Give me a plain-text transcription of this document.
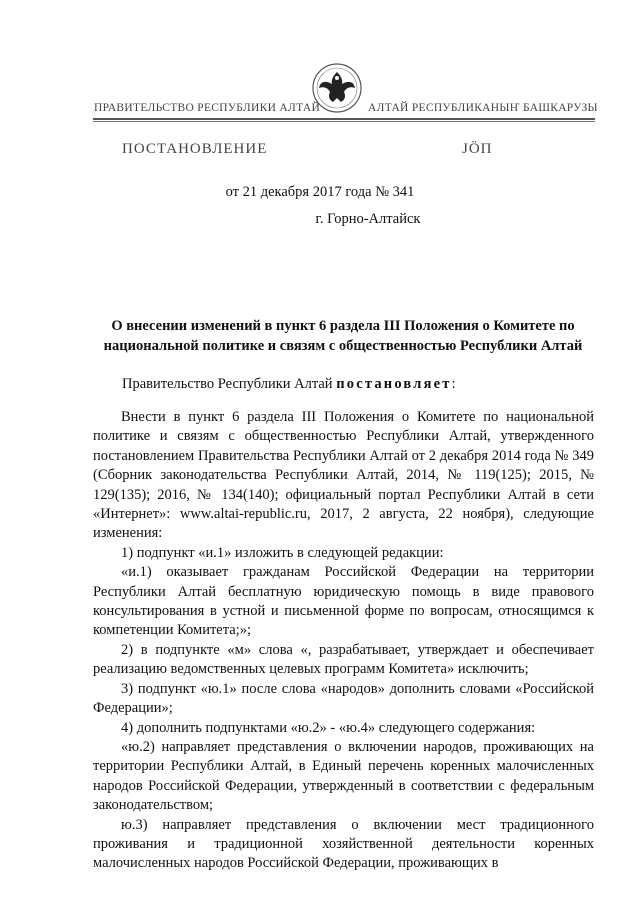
ПРАВИТЕЛЬСТВО РЕСПУБЛИКИ АЛТАЙ	АЛТАЙ РЕСПУБЛИКАНЫҤ БАШКАРУЗЫ
ПОСТАНОВЛЕНИЕ	ЈÖП
от 21 декабря 2017 года № 341
г. Горно-Алтайск
О внесении изменений в пункт 6 раздела III Положения о Комитете по национальной политике и связям с общественностью Республики Алтай
Правительство Республики Алтай постановляет:

Внести в пункт 6 раздела III Положения о Комитете по национальной политике и связям с общественностью Республики Алтай, утвержденного постановлением Правительства Республики Алтай от 2 декабря 2014 года № 349 (Сборник законодательства Республики Алтай, 2014, № 119(125); 2015, № 129(135); 2016, № 134(140); официальный портал Республики Алтай в сети «Интернет»: www.altai-republic.ru, 2017, 2 августа, 22 ноября), следующие изменения:

1) подпункт «и.1» изложить в следующей редакции:

«и.1) оказывает гражданам Российской Федерации на территории Республики Алтай бесплатную юридическую помощь в виде правового консультирования в устной и письменной форме по вопросам, относящимся к компетенции Комитета;»;

2) в подпункте «м» слова «, разрабатывает, утверждает и обеспечивает реализацию ведомственных целевых программ Комитета» исключить;

3) подпункт «ю.1» после слова «народов» дополнить словами «Российской Федерации»;

4) дополнить подпунктами «ю.2» - «ю.4» следующего содержания:

«ю.2) направляет представления о включении народов, проживающих на территории Республики Алтай, в Единый перечень коренных малочисленных народов Российской Федерации, утвержденный в соответствии с федеральным законодательством;

ю.3) направляет представления о включении мест традиционного проживания и традиционной хозяйственной деятельности коренных малочисленных народов Российской Федерации, проживающих в
